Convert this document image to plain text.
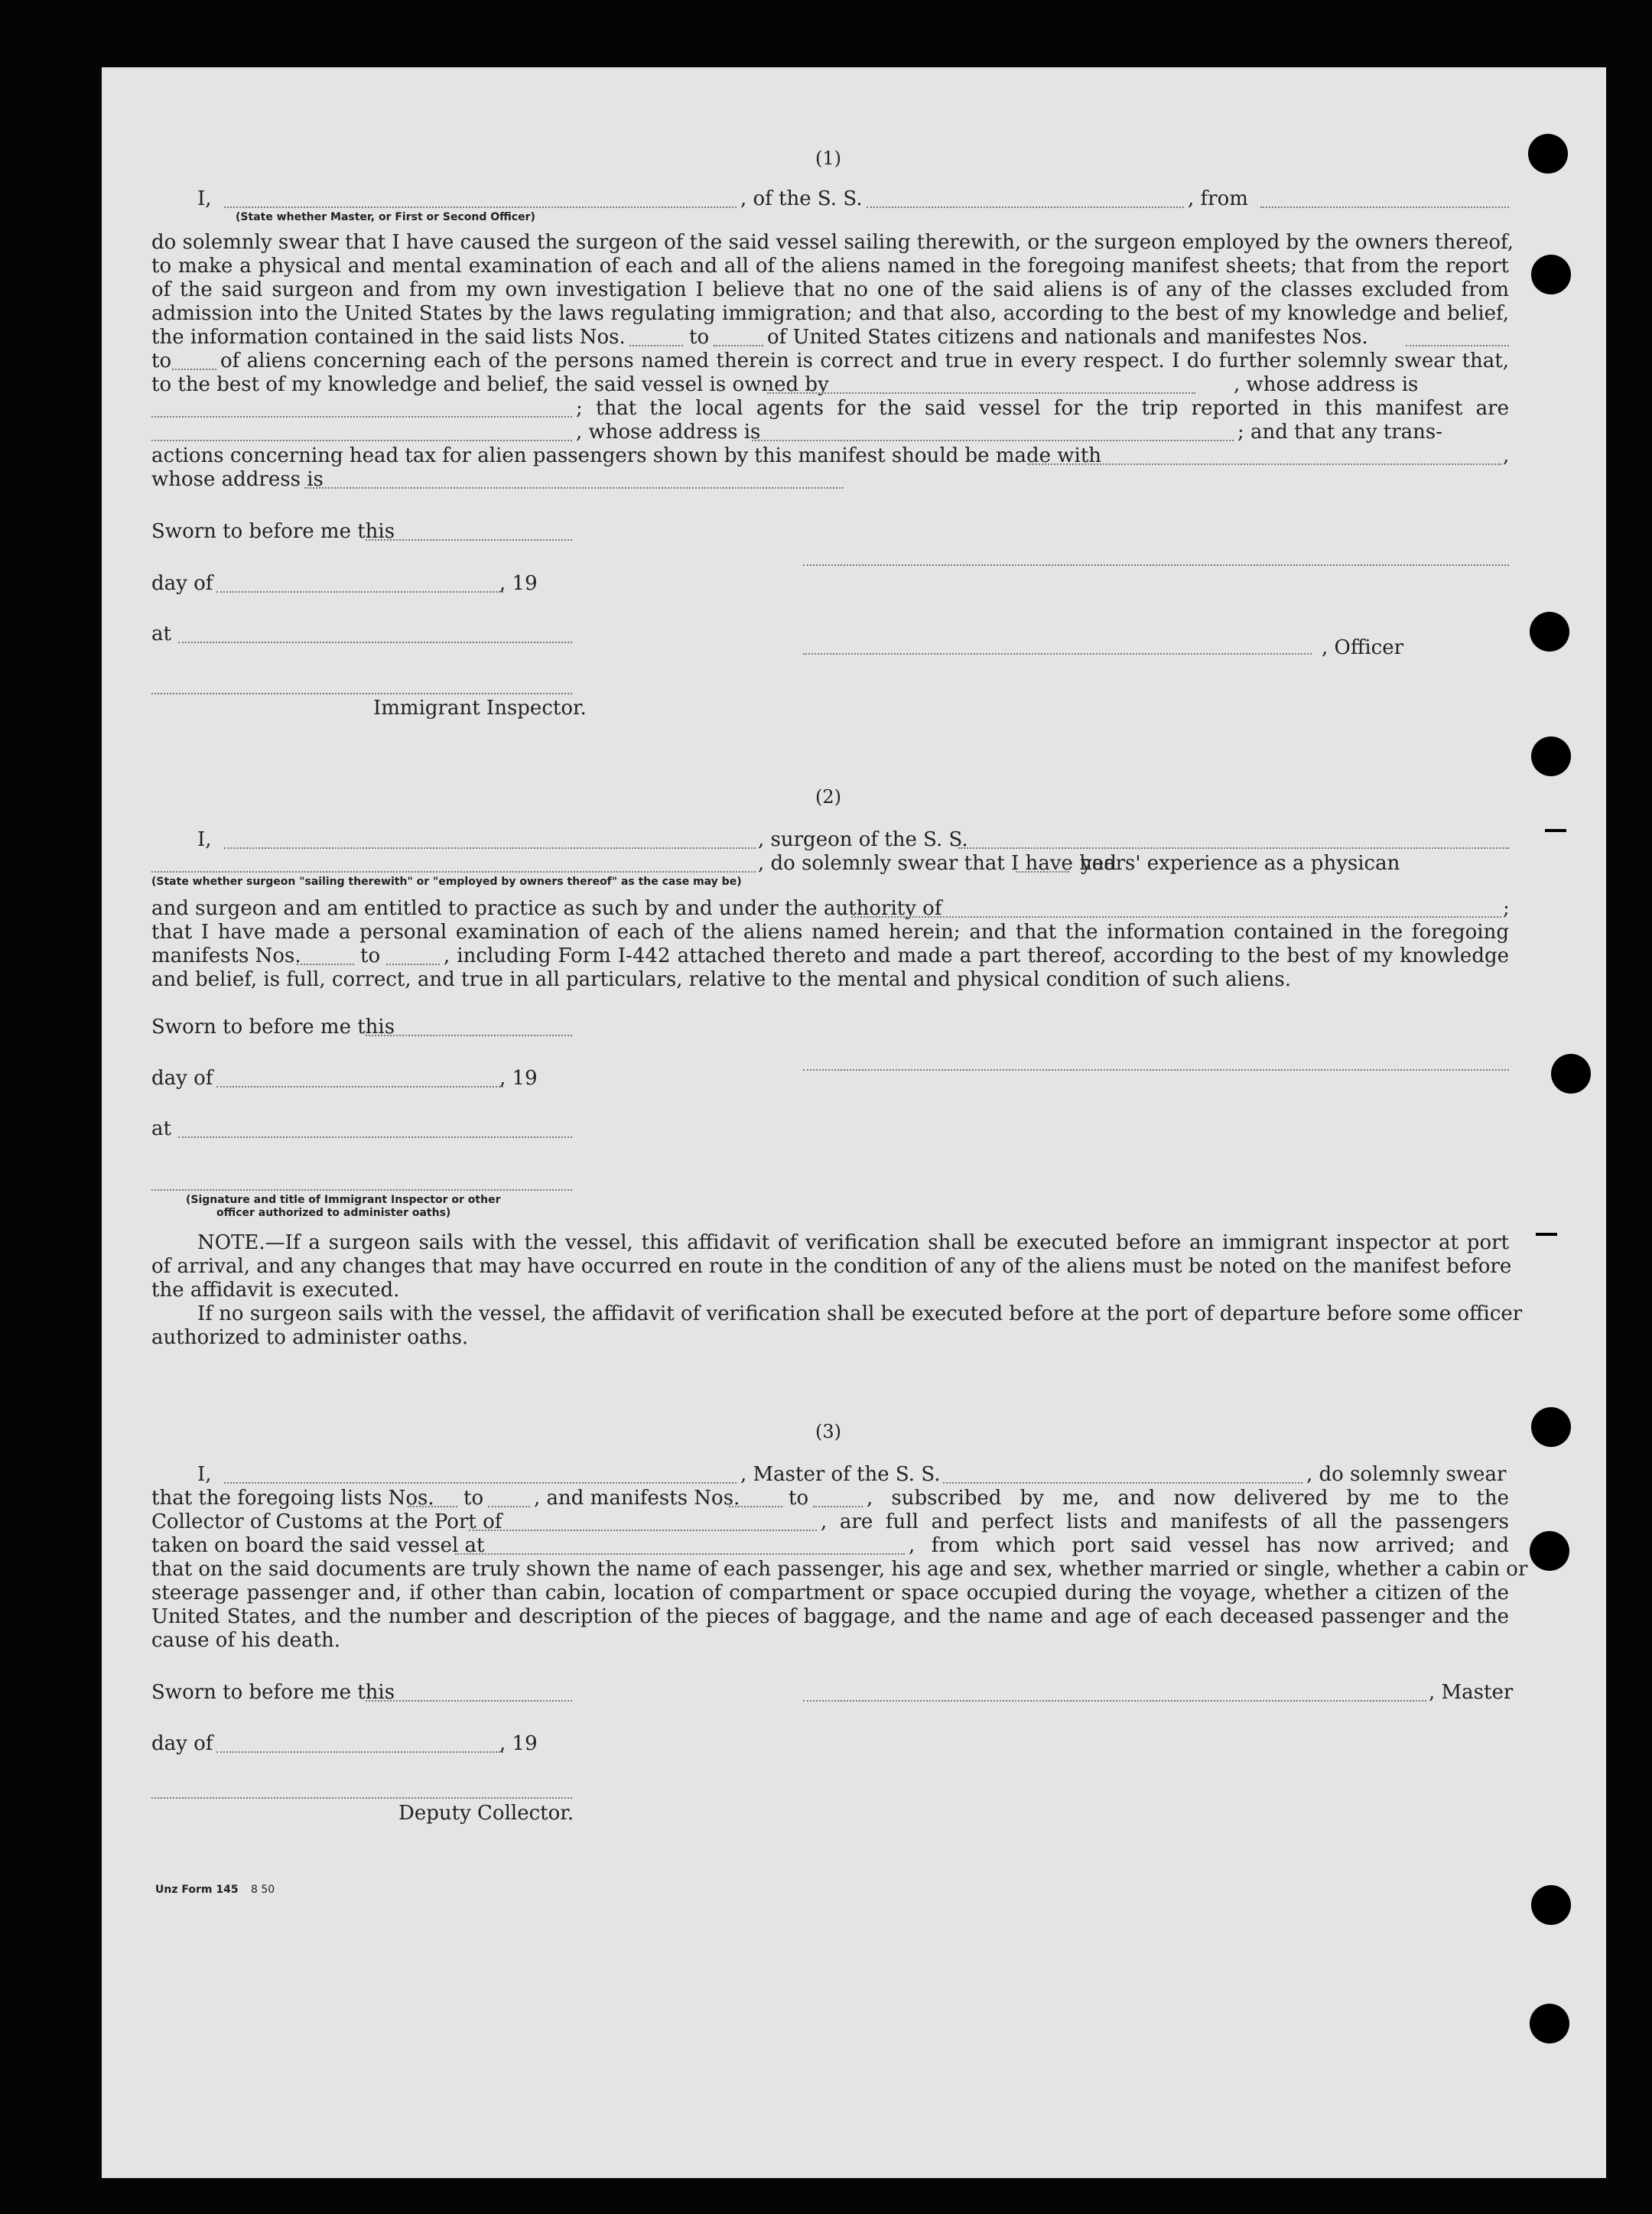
(1)
I,	, of the S. S.	, from
(State whether Master, or First or Second Officer)
do solemnly swear that I have caused the surgeon of the said vessel sailing therewith, or the surgeon employed by the owners thereof,
to make a physical and mental examination of each and all of the aliens named in the foregoing manifest sheets; that from the report
of the said surgeon and from my own investigation I believe that no one of the said aliens is of any of the classes excluded from
admission into the United States by the laws regulating immigration; and that also, according to the best of my knowledge and belief,
the information contained in the said lists Nos.	to	of United States citizens and nationals and manifestes Nos.
to of aliens concerning each of the persons named therein is correct and true in every respect. I do further solemnly swear that,
to the best of my knowledge and belief, the said vessel is owned by	, whose address is
; that the local agents for the said vessel for the trip reported in this manifest are
, whose address is	; and that any trans-
actions concerning head tax for alien passengers shown by this manifest should be made with	,
whose address is
Sworn to before me this
day of	, 19
at
, Officer
Immigrant Inspector.
(2)
I,	, surgeon of the S. S.
, do solemnly swear that I have had
years' experience as a physican
(State whether surgeon "sailing therewith" or "employed by owners thereof" as the case may be)
and surgeon and am entitled to practice as such by and under the authority of	;
that I have made a personal examination of each of the aliens named herein; and that the information contained in the foregoing
manifests Nos.	to	, including Form I-442 attached thereto and made a part thereof, according to the best of my knowledge
and belief, is full, correct, and true in all particulars, relative to the mental and physical condition of such aliens.
Sworn to before me this
day of	, 19
at
(Signature and title of Immigrant Inspector or other
officer authorized to administer oaths)
NOTE.—If a surgeon sails with the vessel, this affidavit of verification shall be executed before an immigrant inspector at port
of arrival, and any changes that may have occurred en route in the condition of any of the aliens must be noted on the manifest before
the affidavit is executed.
If no surgeon sails with the vessel, the affidavit of verification shall be executed before at the port of departure before some officer
authorized to administer oaths.
(3)
I,	, Master of the S. S.	, do solemnly swear
that the foregoing lists Nos. to	, and manifests Nos. to	, subscribed by me, and now delivered by me to the
Collector of Customs at the Port of	, are full and perfect lists and manifests of all the passengers
taken on board the said vessel at	, from which port said vessel has now arrived; and
that on the said documents are truly shown the name of each passenger, his age and sex, whether married or single, whether a cabin or
steerage passenger and, if other than cabin, location of compartment or space occupied during the voyage, whether a citizen of the
United States, and the number and description of the pieces of baggage, and the name and age of each deceased passenger and the
cause of his death.
Sworn to before me this	, Master
day of	, 19
Deputy Collector.
Unz Form 145 8 50
